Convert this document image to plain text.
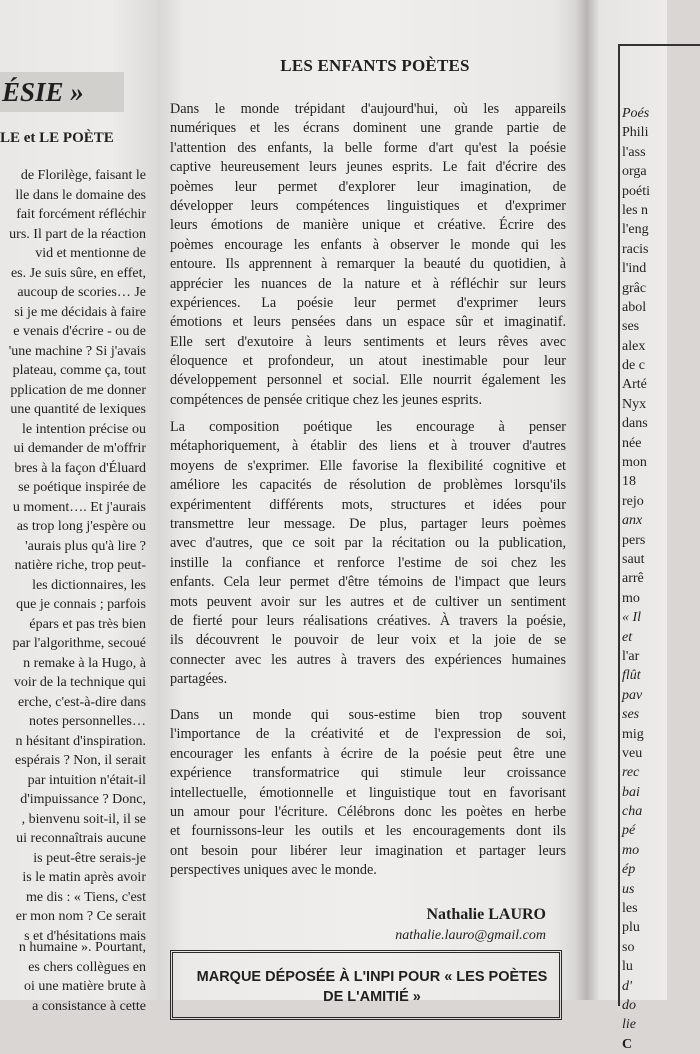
ÉSIE »
LE et LE POÈTE
de Florilège, faisant le
lle dans le domaine des
fait forcément réfléchir
urs. Il part de la réaction
vid et mentionne de
es. Je suis sûre, en effet,
aucoup de scories… Je
si je me décidais à faire
e venais d'écrire - ou de
'une machine ? Si j'avais
plateau, comme ça, tout
pplication de me donner
une quantité de lexiques
le intention précise ou
ui demander de m'offrir
bres à la façon d'Éluard
se poétique inspirée de
u moment…. Et j'aurais
as trop long j'espère ou
'aurais plus qu'à lire ?
natière riche, trop peut-
les dictionnaires, les
que je connais ; parfois
épars et pas très bien
par l'algorithme, secoué
n remake à la Hugo, à
voir de la technique qui
erche, c'est-à-dire dans
notes personnelles…
n hésitant d'inspiration.
espérais ? Non, il serait
par intuition n'était-il
d'impuissance ? Donc,
, bienvenu soit-il, il se
ui reconnaîtrais aucune
is peut-être serais-je
is le matin après avoir
me dis : « Tiens, c'est
er mon nom ? Ce serait
s et d'hésitations mais
n humaine ». Pourtant,
es chers collègues en
oi une matière brute à
a consistance à cette
LES ENFANTS POÈTES
Dans le monde trépidant d'aujourd'hui, où les appareils
numériques et les écrans dominent une grande partie de
l'attention des enfants, la belle forme d'art qu'est la poésie
captive heureusement leurs jeunes esprits. Le fait d'écrire des
poèmes leur permet d'explorer leur imagination, de
développer leurs compétences linguistiques et d'exprimer
leurs émotions de manière unique et créative. Écrire des
poèmes encourage les enfants à observer le monde qui les
entoure. Ils apprennent à remarquer la beauté du quotidien, à
apprécier les nuances de la nature et à réfléchir sur leurs
expériences. La poésie leur permet d'exprimer leurs
émotions et leurs pensées dans un espace sûr et imaginatif.
Elle sert d'exutoire à leurs sentiments et leurs rêves avec
éloquence et profondeur, un atout inestimable pour leur
développement personnel et social. Elle nourrit également les
compétences de pensée critique chez les jeunes esprits.
La composition poétique les encourage à penser
métaphoriquement, à établir des liens et à trouver d'autres
moyens de s'exprimer. Elle favorise la flexibilité cognitive et
améliore les capacités de résolution de problèmes lorsqu'ils
expérimentent différents mots, structures et idées pour
transmettre leur message. De plus, partager leurs poèmes
avec d'autres, que ce soit par la récitation ou la publication,
instille la confiance et renforce l'estime de soi chez les
enfants. Cela leur permet d'être témoins de l'impact que leurs
mots peuvent avoir sur les autres et de cultiver un sentiment
de fierté pour leurs réalisations créatives. À travers la poésie,
ils découvrent le pouvoir de leur voix et la joie de se
connecter avec les autres à travers des expériences humaines
partagées.
Dans un monde qui sous-estime bien trop souvent
l'importance de la créativité et de l'expression de soi,
encourager les enfants à écrire de la poésie peut être une
expérience transformatrice qui stimule leur croissance
intellectuelle, émotionnelle et linguistique tout en favorisant
un amour pour l'écriture. Célébrons donc les poètes en herbe
et fournissons-leur les outils et les encouragements dont ils
ont besoin pour libérer leur imagination et partager leurs
perspectives uniques avec le monde.
Nathalie LAURO
nathalie.lauro@gmail.com
MARQUE DÉPOSÉE À L'INPI POUR « LES POÈTES DE L'AMITIÉ »
Poés
Phili
l'ass
orga
poéti
les n
l'eng
racis
l'ind
grâc
abol
ses
alex
de c
Arté
Nyx
dans
née
mon
18
rejo
anx
pers
saut
arrê
mo
« Il
et
l'ar
flût
pav
ses
mig
veu
rec
bai
cha
pé
mo
ép
us
les
plu
so
lu
d'
do
lie
C
